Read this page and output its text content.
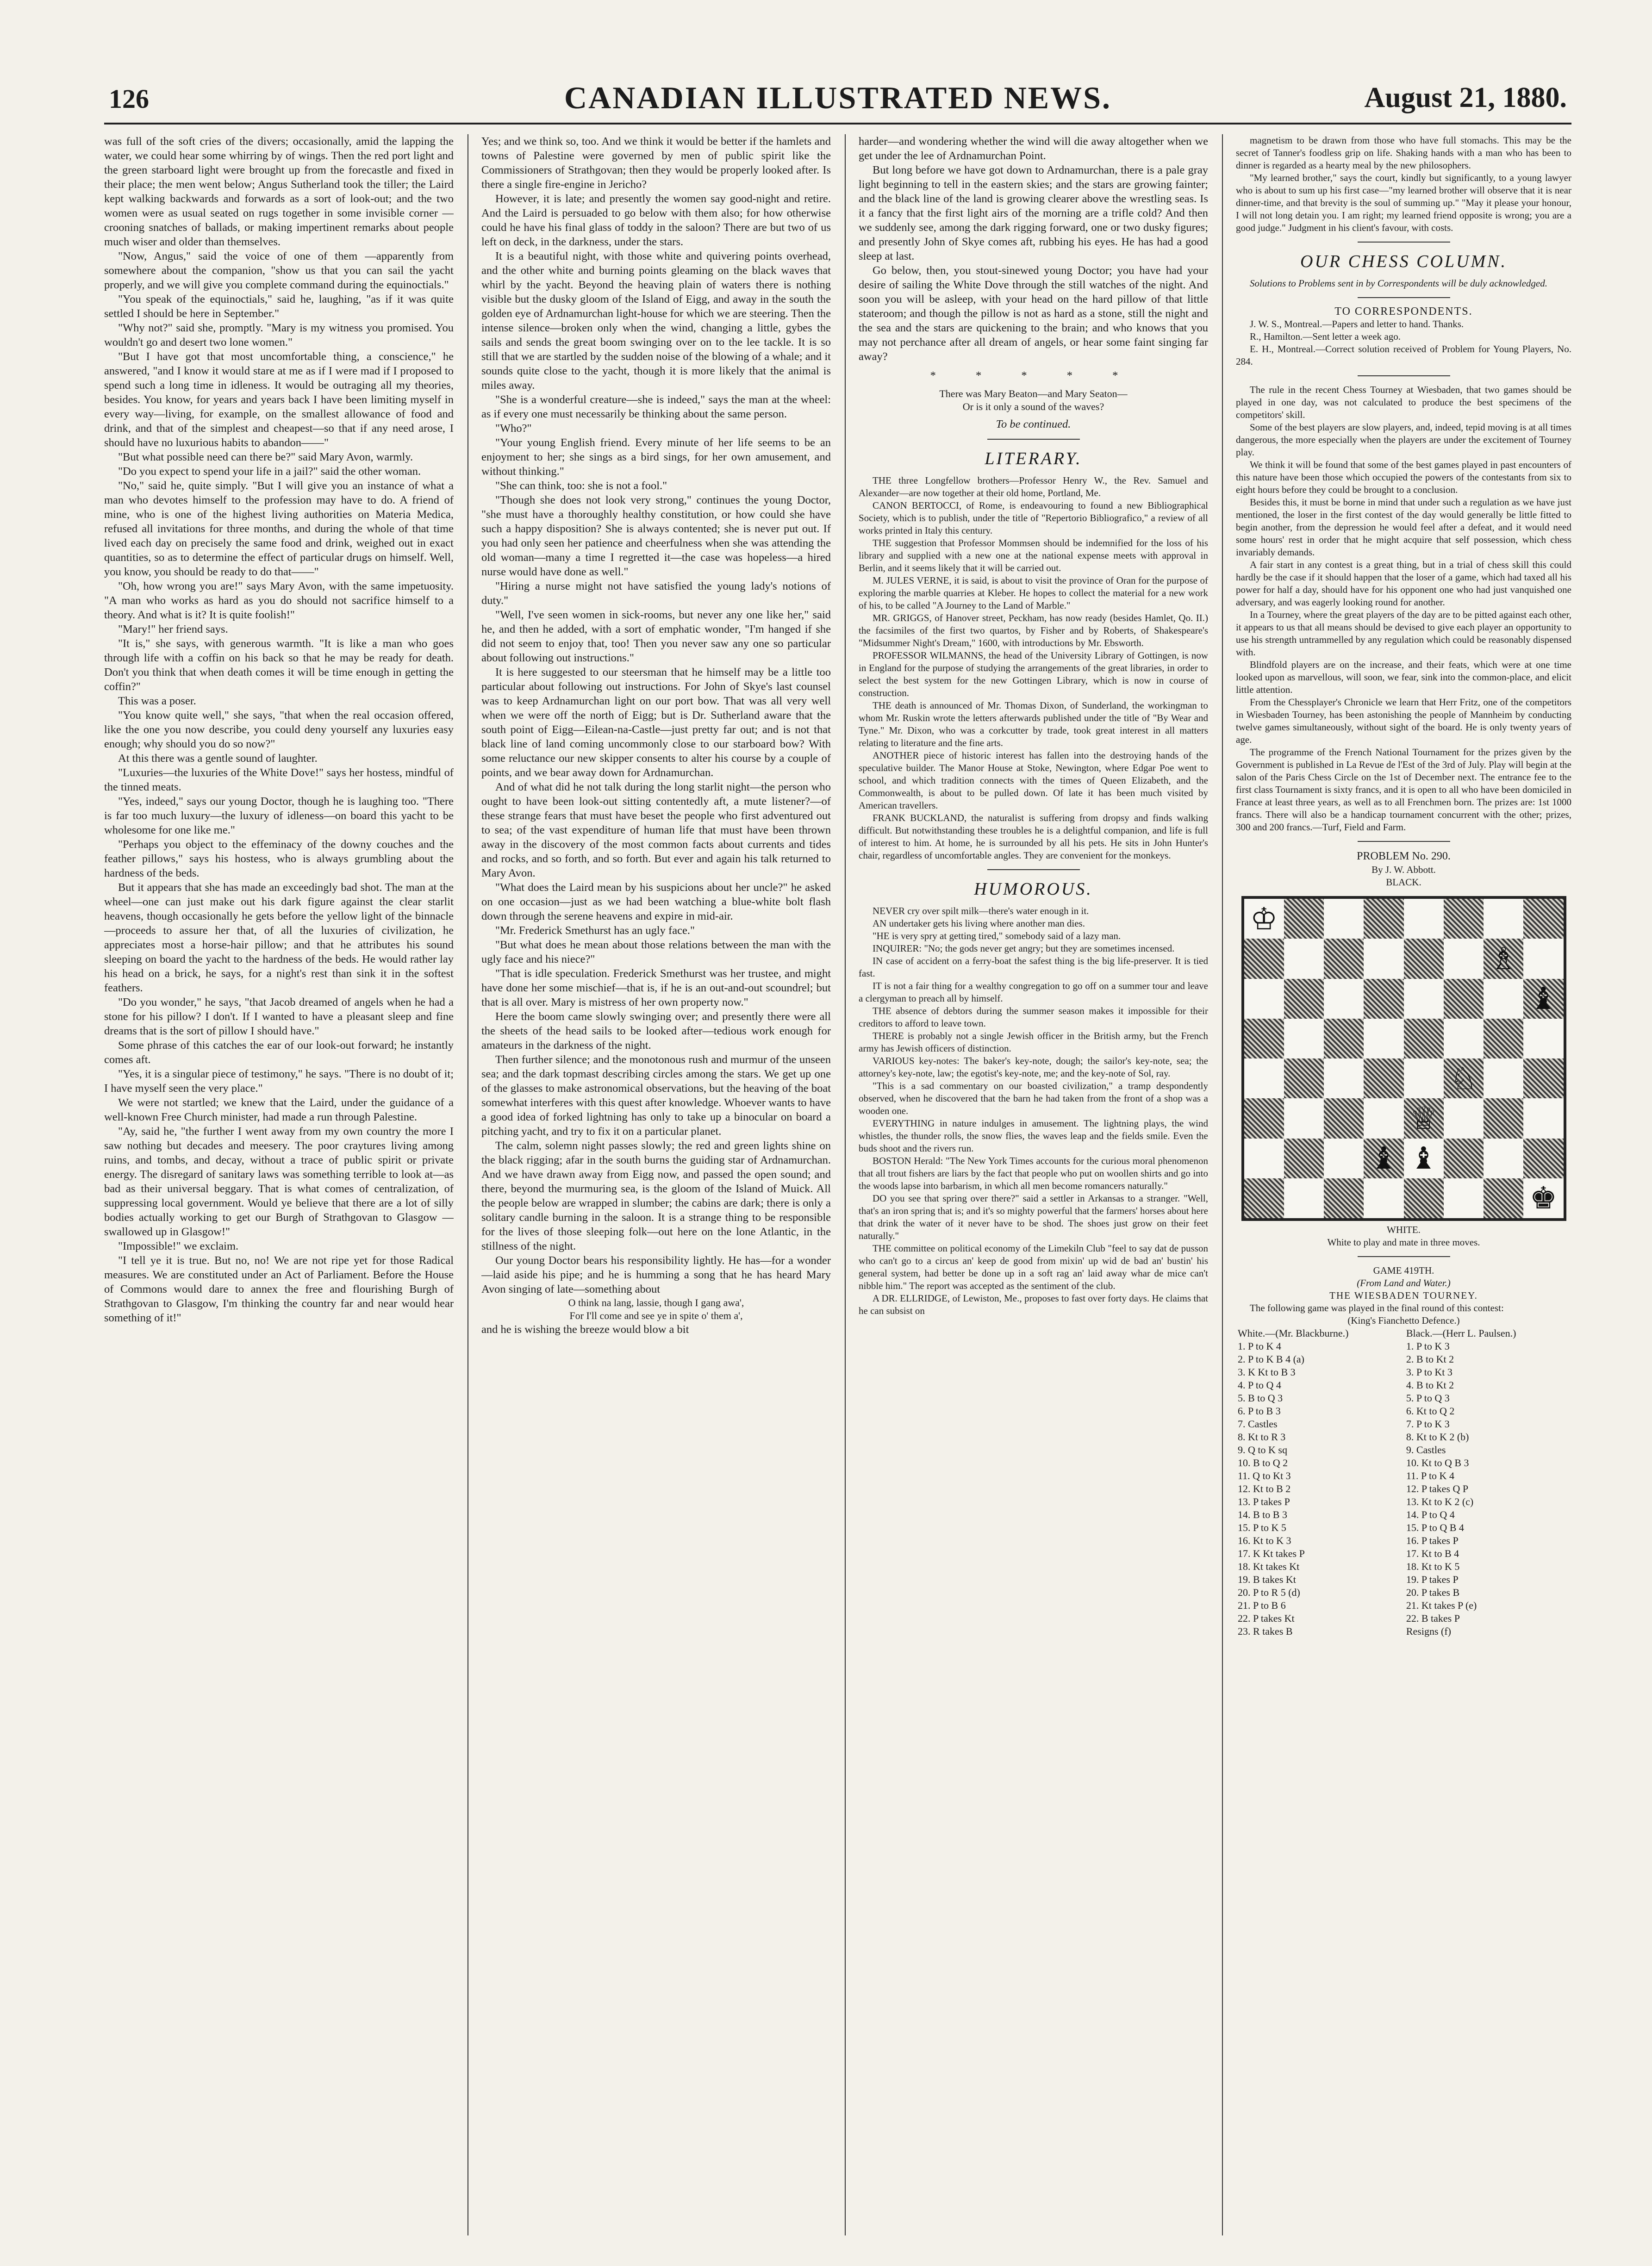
126	CANADIAN ILLUSTRATED NEWS.	August 21, 1880.

was full of the soft cries of the divers; occasionally, amid the lapping the water, we could hear some whirring by of wings. Then the red port light and the green starboard light were brought up from the forecastle and fixed in their place; the men went below; Angus Sutherland took the tiller; the Laird kept walking backwards and forwards as a sort of look-out; and the two women were as usual seated on rugs together in some invisible corner — crooning snatches of ballads, or making impertinent remarks about people much wiser and older than themselves.

"Now, Angus," said the voice of one of them —apparently from somewhere about the companion, "show us that you can sail the yacht properly, and we will give you complete command during the equinoctials."

"You speak of the equinoctials," said he, laughing, "as if it was quite settled I should be here in September."

"Why not?" said she, promptly. "Mary is my witness you promised. You wouldn't go and desert two lone women."

"But I have got that most uncomfortable thing, a conscience," he answered, "and I know it would stare at me as if I were mad if I proposed to spend such a long time in idleness. It would be outraging all my theories, besides. You know, for years and years back I have been limiting myself in every way—living, for example, on the smallest allowance of food and drink, and that of the simplest and cheapest—so that if any need arose, I should have no luxurious habits to abandon——"

"But what possible need can there be?" said Mary Avon, warmly.

"Do you expect to spend your life in a jail?" said the other woman.

"No," said he, quite simply. "But I will give you an instance of what a man who devotes himself to the profession may have to do. A friend of mine, who is one of the highest living authorities on Materia Medica, refused all invitations for three months, and during the whole of that time lived each day on precisely the same food and drink, weighed out in exact quantities, so as to determine the effect of particular drugs on himself. Well, you know, you should be ready to do that——"

"Oh, how wrong you are!" says Mary Avon, with the same impetuosity. "A man who works as hard as you do should not sacrifice himself to a theory. And what is it? It is quite foolish!"

"Mary!" her friend says.

"It is," she says, with generous warmth. "It is like a man who goes through life with a coffin on his back so that he may be ready for death. Don't you think that when death comes it will be time enough in getting the coffin?"

This was a poser.

"You know quite well," she says, "that when the real occasion offered, like the one you now describe, you could deny yourself any luxuries easy enough; why should you do so now?"

At this there was a gentle sound of laughter.

"Luxuries—the luxuries of the White Dove!" says her hostess, mindful of the tinned meats.

"Yes, indeed," says our young Doctor, though he is laughing too. "There is far too much luxury—the luxury of idleness—on board this yacht to be wholesome for one like me."

"Perhaps you object to the effeminacy of the downy couches and the feather pillows," says his hostess, who is always grumbling about the hardness of the beds.

But it appears that she has made an exceedingly bad shot. The man at the wheel—one can just make out his dark figure against the clear starlit heavens, though occasionally he gets before the yellow light of the binnacle—proceeds to assure her that, of all the luxuries of civilization, he appreciates most a horse-hair pillow; and that he attributes his sound sleeping on board the yacht to the hardness of the beds. He would rather lay his head on a brick, he says, for a night's rest than sink it in the softest feathers.

"Do you wonder," he says, "that Jacob dreamed of angels when he had a stone for his pillow? I don't. If I wanted to have a pleasant sleep and fine dreams that is the sort of pillow I should have."

Some phrase of this catches the ear of our look-out forward; he instantly comes aft.

"Yes, it is a singular piece of testimony," he says. "There is no doubt of it; I have myself seen the very place."

We were not startled; we knew that the Laird, under the guidance of a well-known Free Church minister, had made a run through Palestine.

"Ay, said he, "the further I went away from my own country the more I saw nothing but decades and meesery. The poor craytures living among ruins, and tombs, and decay, without a trace of public spirit or private energy. The disregard of sanitary laws was something terrible to look at—as bad as their universal beggary. That is what comes of centralization, of suppressing local government. Would ye believe that there are a lot of silly bodies actually working to get our Burgh of Strathgovan to Glasgow — swallowed up in Glasgow!"

"Impossible!" we exclaim.

"I tell ye it is true. But no, no! We are not ripe yet for those Radical measures. We are constituted under an Act of Parliament. Before the House of Commons would dare to annex the free and flourishing Burgh of Strathgovan to Glasgow, I'm thinking the country far and near would hear something of it!"

Yes; and we think so, too. And we think it would be better if the hamlets and towns of Palestine were governed by men of public spirit like the Commissioners of Strathgovan; then they would be properly looked after. Is there a single fire-engine in Jericho?

However, it is late; and presently the women say good-night and retire. And the Laird is persuaded to go below with them also; for how otherwise could he have his final glass of toddy in the saloon? There are but two of us left on deck, in the darkness, under the stars.

It is a beautiful night, with those white and quivering points overhead, and the other white and burning points gleaming on the black waves that whirl by the yacht. Beyond the heaving plain of waters there is nothing visible but the dusky gloom of the Island of Eigg, and away in the south the golden eye of Ardnamurchan light-house for which we are steering. Then the intense silence—broken only when the wind, changing a little, gybes the sails and sends the great boom swinging over on to the lee tackle. It is so still that we are startled by the sudden noise of the blowing of a whale; and it sounds quite close to the yacht, though it is more likely that the animal is miles away.

"She is a wonderful creature—she is indeed," says the man at the wheel: as if every one must necessarily be thinking about the same person.

"Who?"

"Your young English friend. Every minute of her life seems to be an enjoyment to her; she sings as a bird sings, for her own amusement, and without thinking."

"She can think, too: she is not a fool."

"Though she does not look very strong," continues the young Doctor, "she must have a thoroughly healthy constitution, or how could she have such a happy disposition? She is always contented; she is never put out. If you had only seen her patience and cheerfulness when she was attending the old woman—many a time I regretted it—the case was hopeless—a hired nurse would have done as well."

"Hiring a nurse might not have satisfied the young lady's notions of duty."

"Well, I've seen women in sick-rooms, but never any one like her," said he, and then he added, with a sort of emphatic wonder, "I'm hanged if she did not seem to enjoy that, too! Then you never saw any one so particular about following out instructions."

It is here suggested to our steersman that he himself may be a little too particular about following out instructions. For John of Skye's last counsel was to keep Ardnamurchan light on our port bow. That was all very well when we were off the north of Eigg; but is Dr. Sutherland aware that the south point of Eigg—Eilean-na-Castle—just pretty far out; and is not that black line of land coming uncommonly close to our starboard bow? With some reluctance our new skipper consents to alter his course by a couple of points, and we bear away down for Ardnamurchan.

And of what did he not talk during the long starlit night—the person who ought to have been look-out sitting contentedly aft, a mute listener?—of these strange fears that must have beset the people who first adventured out to sea; of the vast expenditure of human life that must have been thrown away in the discovery of the most common facts about currents and tides and rocks, and so forth, and so forth. But ever and again his talk returned to Mary Avon.

"What does the Laird mean by his suspicions about her uncle?" he asked on one occasion—just as we had been watching a blue-white bolt flash down through the serene heavens and expire in mid-air.

"Mr. Frederick Smethurst has an ugly face."

"But what does he mean about those relations between the man with the ugly face and his niece?"

"That is idle speculation. Frederick Smethurst was her trustee, and might have done her some mischief—that is, if he is an out-and-out scoundrel; but that is all over. Mary is mistress of her own property now."

Here the boom came slowly swinging over; and presently there were all the sheets of the head sails to be looked after—tedious work enough for amateurs in the darkness of the night.

Then further silence; and the monotonous rush and murmur of the unseen sea; and the dark topmast describing circles among the stars. We get up one of the glasses to make astronomical observations, but the heaving of the boat somewhat interferes with this quest after knowledge. Whoever wants to have a good idea of forked lightning has only to take up a binocular on board a pitching yacht, and try to fix it on a particular planet.

The calm, solemn night passes slowly; the red and green lights shine on the black rigging; afar in the south burns the guiding star of Ardnamurchan. And we have drawn away from Eigg now, and passed the open sound; and there, beyond the murmuring sea, is the gloom of the Island of Muick. All the people below are wrapped in slumber; the cabins are dark; there is only a solitary candle burning in the saloon. It is a strange thing to be responsible for the lives of those sleeping folk—out here on the lone Atlantic, in the stillness of the night.

Our young Doctor bears his responsibility lightly. He has—for a wonder—laid aside his pipe; and he is humming a song that he has heard Mary Avon singing of late—something about

O think na lang, lassie, though I gang awa',

For I'll come and see ye in spite o' them a',

and he is wishing the breeze would blow a bit

harder—and wondering whether the wind will die away altogether when we get under the lee of Ardnamurchan Point.

But long before we have got down to Ardnamurchan, there is a pale gray light beginning to tell in the eastern skies; and the stars are growing fainter; and the black line of the land is growing clearer above the wrestling seas. Is it a fancy that the first light airs of the morning are a trifle cold? And then we suddenly see, among the dark rigging forward, one or two dusky figures; and presently John of Skye comes aft, rubbing his eyes. He has had a good sleep at last.

Go below, then, you stout-sinewed young Doctor; you have had your desire of sailing the White Dove through the still watches of the night. And soon you will be asleep, with your head on the hard pillow of that little stateroom; and though the pillow is not as hard as a stone, still the night and the sea and the stars are quickening to the brain; and who knows that you may not perchance after all dream of angels, or hear some faint singing far away?

* * * * *

There was Mary Beaton—and Mary Seaton—

Or is it only a sound of the waves?

To be continued.

LITERARY.

THE three Longfellow brothers—Professor Henry W., the Rev. Samuel and Alexander—are now together at their old home, Portland, Me.

CANON BERTOCCI, of Rome, is endeavouring to found a new Bibliographical Society, which is to publish, under the title of "Repertorio Bibliografico," a review of all works printed in Italy this century.

THE suggestion that Professor Mommsen should be indemnified for the loss of his library and supplied with a new one at the national expense meets with approval in Berlin, and it seems likely that it will be carried out.

M. JULES VERNE, it is said, is about to visit the province of Oran for the purpose of exploring the marble quarries at Kleber. He hopes to collect the material for a new work of his, to be called "A Journey to the Land of Marble."

MR. GRIGGS, of Hanover street, Peckham, has now ready (besides Hamlet, Qo. II.) the facsimiles of the first two quartos, by Fisher and by Roberts, of Shakespeare's "Midsummer Night's Dream," 1600, with introductions by Mr. Ebsworth.

PROFESSOR WILMANNS, the head of the University Library of Gottingen, is now in England for the purpose of studying the arrangements of the great libraries, in order to select the best system for the new Gottingen Library, which is now in course of construction.

THE death is announced of Mr. Thomas Dixon, of Sunderland, the workingman to whom Mr. Ruskin wrote the letters afterwards published under the title of "By Wear and Tyne." Mr. Dixon, who was a corkcutter by trade, took great interest in all matters relating to literature and the fine arts.

ANOTHER piece of historic interest has fallen into the destroying hands of the speculative builder. The Manor House at Stoke, Newington, where Edgar Poe went to school, and which tradition connects with the times of Queen Elizabeth, and the Commonwealth, is about to be pulled down. Of late it has been much visited by American travellers.

FRANK BUCKLAND, the naturalist is suffering from dropsy and finds walking difficult. But notwithstanding these troubles he is a delightful companion, and life is full of interest to him. At home, he is surrounded by all his pets. He sits in John Hunter's chair, regardless of uncomfortable angles. They are convenient for the monkeys.

HUMOROUS.

NEVER cry over spilt milk—there's water enough in it.

AN undertaker gets his living where another man dies.

"HE is very spry at getting tired," somebody said of a lazy man.

INQUIRER: "No; the gods never get angry; but they are sometimes incensed.

IN case of accident on a ferry-boat the safest thing is the big life-preserver. It is tied fast.

IT is not a fair thing for a wealthy congregation to go off on a summer tour and leave a clergyman to preach all by himself.

THE absence of debtors during the summer season makes it impossible for their creditors to afford to leave town.

THERE is probably not a single Jewish officer in the British army, but the French army has Jewish officers of distinction.

VARIOUS key-notes: The baker's key-note, dough; the sailor's key-note, sea; the attorney's key-note, law; the egotist's key-note, me; and the key-note of Sol, ray.

"This is a sad commentary on our boasted civilization," a tramp despondently observed, when he discovered that the barn he had taken from the front of a shop was a wooden one.

EVERYTHING in nature indulges in amusement. The lightning plays, the wind whistles, the thunder rolls, the snow flies, the waves leap and the fields smile. Even the buds shoot and the rivers run.

BOSTON Herald: "The New York Times accounts for the curious moral phenomenon that all trout fishers are liars by the fact that people who put on woollen shirts and go into the woods lapse into barbarism, in which all men become romancers naturally."

DO you see that spring over there?" said a settler in Arkansas to a stranger. "Well, that's an iron spring that is; and it's so mighty powerful that the farmers' horses about here that drink the water of it never have to be shod. The shoes just grow on their feet naturally."

THE committee on political economy of the Limekiln Club "feel to say dat de pusson who can't go to a circus an' keep de good from mixin' up wid de bad an' bustin' his general system, had better be done up in a soft rag an' laid away whar de mice can't nibble him." The report was accepted as the sentiment of the club.

A DR. ELLRIDGE, of Lewiston, Me., proposes to fast over forty days. He claims that he can subsist on

magnetism to be drawn from those who have full stomachs. This may be the secret of Tanner's foodless grip on life. Shaking hands with a man who has been to dinner is regarded as a hearty meal by the new philosophers.

"My learned brother," says the court, kindly but significantly, to a young lawyer who is about to sum up his first case—"my learned brother will observe that it is near dinner-time, and that brevity is the soul of summing up." "May it please your honour, I will not long detain you. I am right; my learned friend opposite is wrong; you are a good judge." Judgment in his client's favour, with costs.

OUR CHESS COLUMN.

Solutions to Problems sent in by Correspondents will be duly acknowledged.

TO CORRESPONDENTS.

J. W. S., Montreal.—Papers and letter to hand. Thanks.

R., Hamilton.—Sent letter a week ago.

E. H., Montreal.—Correct solution received of Problem for Young Players, No. 284.

The rule in the recent Chess Tourney at Wiesbaden, that two games should be played in one day, was not calculated to produce the best specimens of the competitors' skill.

Some of the best players are slow players, and, indeed, tepid moving is at all times dangerous, the more especially when the players are under the excitement of Tourney play.

We think it will be found that some of the best games played in past encounters of this nature have been those which occupied the powers of the contestants from six to eight hours before they could be brought to a conclusion.

Besides this, it must be borne in mind that under such a regulation as we have just mentioned, the loser in the first contest of the day would generally be little fitted to begin another, from the depression he would feel after a defeat, and it would need some hours' rest in order that he might acquire that self possession, which chess invariably demands.

A fair start in any contest is a great thing, but in a trial of chess skill this could hardly be the case if it should happen that the loser of a game, which had taxed all his power for half a day, should have for his opponent one who had just vanquished one adversary, and was eagerly looking round for another.

In a Tourney, where the great players of the day are to be pitted against each other, it appears to us that all means should be devised to give each player an opportunity to use his strength untrammelled by any regulation which could be reasonably dispensed with.

Blindfold players are on the increase, and their feats, which were at one time looked upon as marvellous, will soon, we fear, sink into the common-place, and elicit little attention.

From the Chessplayer's Chronicle we learn that Herr Fritz, one of the competitors in Wiesbaden Tourney, has been astonishing the people of Mannheim by conducting twelve games simultaneously, without sight of the board. He is only twenty years of age.

The programme of the French National Tournament for the prizes given by the Government is published in La Revue de l'Est of the 3rd of July. Play will begin at the salon of the Paris Chess Circle on the 1st of December next. The entrance fee to the first class Tournament is sixty francs, and it is open to all who have been domiciled in France at least three years, as well as to all Frenchmen born. The prizes are: 1st 1000 francs. There will also be a handicap tournament concurrent with the other; prizes, 300 and 200 francs.—Turf, Field and Farm.

PROBLEM No. 290.

By J. W. Abbott.

BLACK.

♔
♗
♝
♘
♕
♝ ♝
♚

WHITE.

White to play and mate in three moves.

GAME 419TH.

(From Land and Water.)

THE WIESBADEN TOURNEY.

The following game was played in the final round of this contest:

(King's Fianchetto Defence.)

White.—(Mr. Blackburne.)	Black.—(Herr L. Paulsen.)
1. P to K 4	1. P to K 3
2. P to K B 4 (a)	2. B to Kt 2
3. K Kt to B 3	3. P to Kt 3
4. P to Q 4	4. B to Kt 2
5. B to Q 3	5. P to Q 3
6. P to B 3	6. Kt to Q 2
7. Castles	7. P to K 3
8. Kt to R 3	8. Kt to K 2 (b)
9. Q to K sq	9. Castles
10. B to Q 2	10. Kt to Q B 3
11. Q to Kt 3	11. P to K 4
12. Kt to B 2	12. P takes Q P
13. P takes P	13. Kt to K 2 (c)
14. B to B 3	14. P to Q 4
15. P to K 5	15. P to Q B 4
16. Kt to K 3	16. P takes P
17. K Kt takes P	17. Kt to B 4
18. Kt takes Kt	18. Kt to K 5
19. B takes Kt	19. P takes P
20. P to R 5 (d)	20. P takes B
21. P to B 6	21. Kt takes P (e)
22. P takes Kt	22. B takes P
23. R takes B	Resigns (f)
